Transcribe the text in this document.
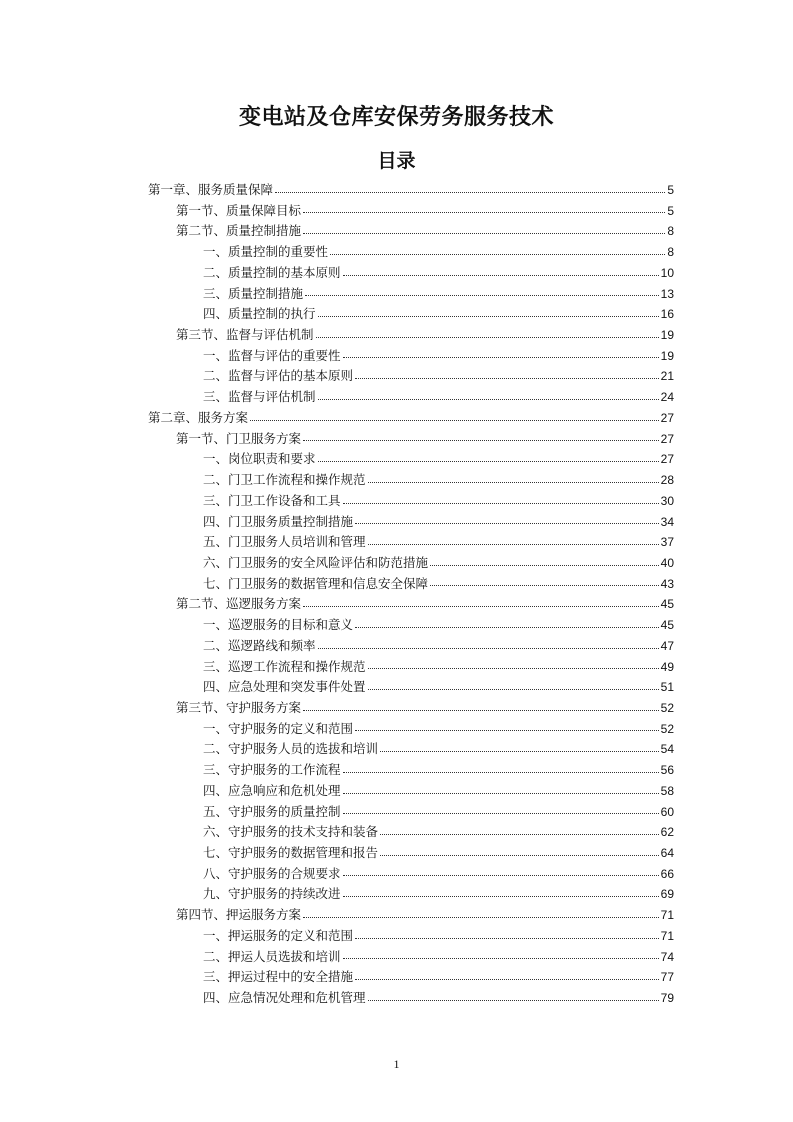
变电站及仓库安保劳务服务技术
目录
第一章、服务质量保障	5
第一节、质量保障目标	5
第二节、质量控制措施	8
一、质量控制的重要性	8
二、质量控制的基本原则	10
三、质量控制措施	13
四、质量控制的执行	16
第三节、监督与评估机制	19
一、监督与评估的重要性	19
二、监督与评估的基本原则	21
三、监督与评估机制	24
第二章、服务方案	27
第一节、门卫服务方案	27
一、岗位职责和要求	27
二、门卫工作流程和操作规范	28
三、门卫工作设备和工具	30
四、门卫服务质量控制措施	34
五、门卫服务人员培训和管理	37
六、门卫服务的安全风险评估和防范措施	40
七、门卫服务的数据管理和信息安全保障	43
第二节、巡逻服务方案	45
一、巡逻服务的目标和意义	45
二、巡逻路线和频率	47
三、巡逻工作流程和操作规范	49
四、应急处理和突发事件处置	51
第三节、守护服务方案	52
一、守护服务的定义和范围	52
二、守护服务人员的选拔和培训	54
三、守护服务的工作流程	56
四、应急响应和危机处理	58
五、守护服务的质量控制	60
六、守护服务的技术支持和装备	62
七、守护服务的数据管理和报告	64
八、守护服务的合规要求	66
九、守护服务的持续改进	69
第四节、押运服务方案	71
一、押运服务的定义和范围	71
二、押运人员选拔和培训	74
三、押运过程中的安全措施	77
四、应急情况处理和危机管理	79
1
